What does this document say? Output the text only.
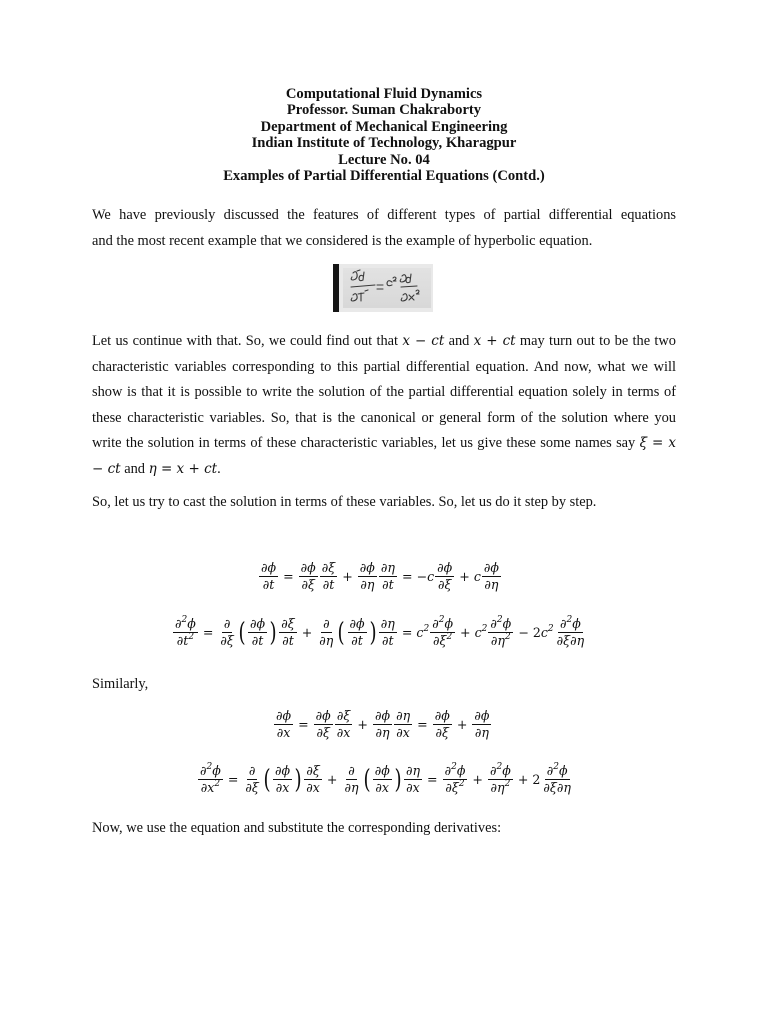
Computational Fluid Dynamics
Professor. Suman Chakraborty
Department of Mechanical Engineering
Indian Institute of Technology, Kharagpur
Lecture No. 04
Examples of Partial Differential Equations (Contd.)
We have previously discussed the features of different types of partial differential equations
and the most recent example that we considered is the example of hyperbolic equation.
Let us continue with that. So, we could find out that x − ct and x + ct may turn out to be the two characteristic variables corresponding to this partial differential equation. And now, what we will show is that it is possible to write the solution of the partial differential equation solely in terms of these characteristic variables. So, that is the canonical or general form of the solution where you write the solution in terms of these characteristic variables, let us give these some names say ξ = x − ct and η = x + ct.
So, let us try to cast the solution in terms of these variables. So, let us do it step by step.
$\frac{\partial\phi}{\partial t} = \frac{\partial\phi}{\partial\xi} \frac{\partial\xi}{\partial t} + \frac{\partial\phi}{\partial\eta} \frac{\partial\eta}{\partial t}$ = − c $\frac{\partial\phi}{\partial\xi} + c \frac{\partial\phi}{\partial\eta}$
$\frac{\partial^2\phi}{\partial t^2} = \frac{\partial}{\partial\xi}$ ( $\frac{\partial\phi}{\partial t}$ ) $\frac{\partial\xi}{\partial t} + \frac{\partial}{\partial\eta}$ ( $\frac{\partial\phi}{\partial t}$ ) $\frac{\partial\eta}{\partial t} = c^2 \frac{\partial^2\phi}{\partial\xi^2} + c^2 \frac{\partial^2\phi}{\partial\eta^2} - 2$ $c^2 \frac{\partial^2\phi}{\partial\xi\partial\eta}$
Similarly,
$\frac{\partial\phi}{\partial x} = \frac{\partial\phi}{\partial\xi} \frac{\partial\xi}{\partial x} + \frac{\partial\phi}{\partial\eta} \frac{\partial\eta}{\partial x} = \frac{\partial\phi}{\partial\xi} + \frac{\partial\phi}{\partial\eta}$
$\frac{\partial^2\phi}{\partial x^2} = \frac{\partial}{\partial\xi}$ ( $\frac{\partial\phi}{\partial x}$ ) $\frac{\partial\xi}{\partial x} + \frac{\partial}{\partial\eta}$ ( $\frac{\partial\phi}{\partial x}$ ) $\frac{\partial\eta}{\partial x} = \frac{\partial^2\phi}{\partial\xi^2} + \frac{\partial^2\phi}{\partial\eta^2} + 2 \frac{\partial^2\phi}{\partial\xi\partial\eta}$
Now, we use the equation and substitute the corresponding derivatives:
